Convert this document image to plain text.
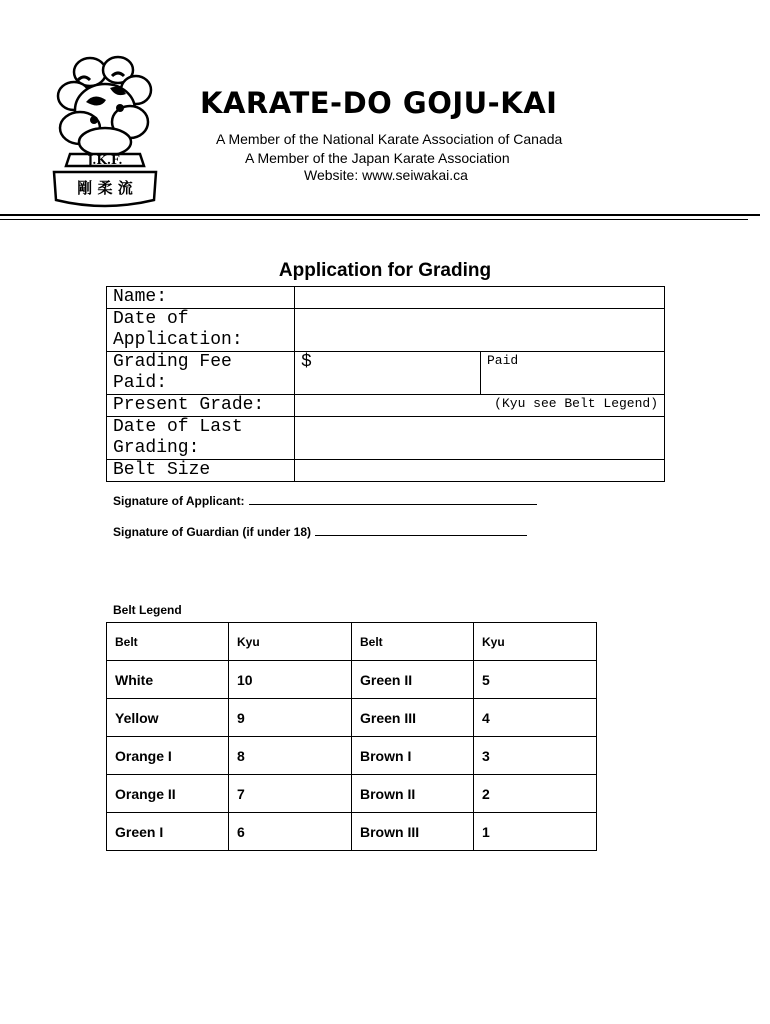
J.K.F.
剛 柔 流
KARATE-DO GOJU-KAI
A Member of the National Karate Association of Canada
A Member of the Japan Karate Association
Website: www.seiwakai.ca
Application for Grading
Name:		

Date of
Application:		

Grading Fee
Paid:	$	Paid
Present Grade:	(Kyu see Belt Legend)	

Date of Last
Grading:		

Belt Size		
Signature of Applicant:
Signature of Guardian (if under 18)
Belt Legend
Belt	Kyu	Belt	Kyu
White	10	Green II	5
Yellow	9	Green III	4
Orange I	8	Brown I	3
Orange II	7	Brown II	2
Green I	6	Brown III	1
